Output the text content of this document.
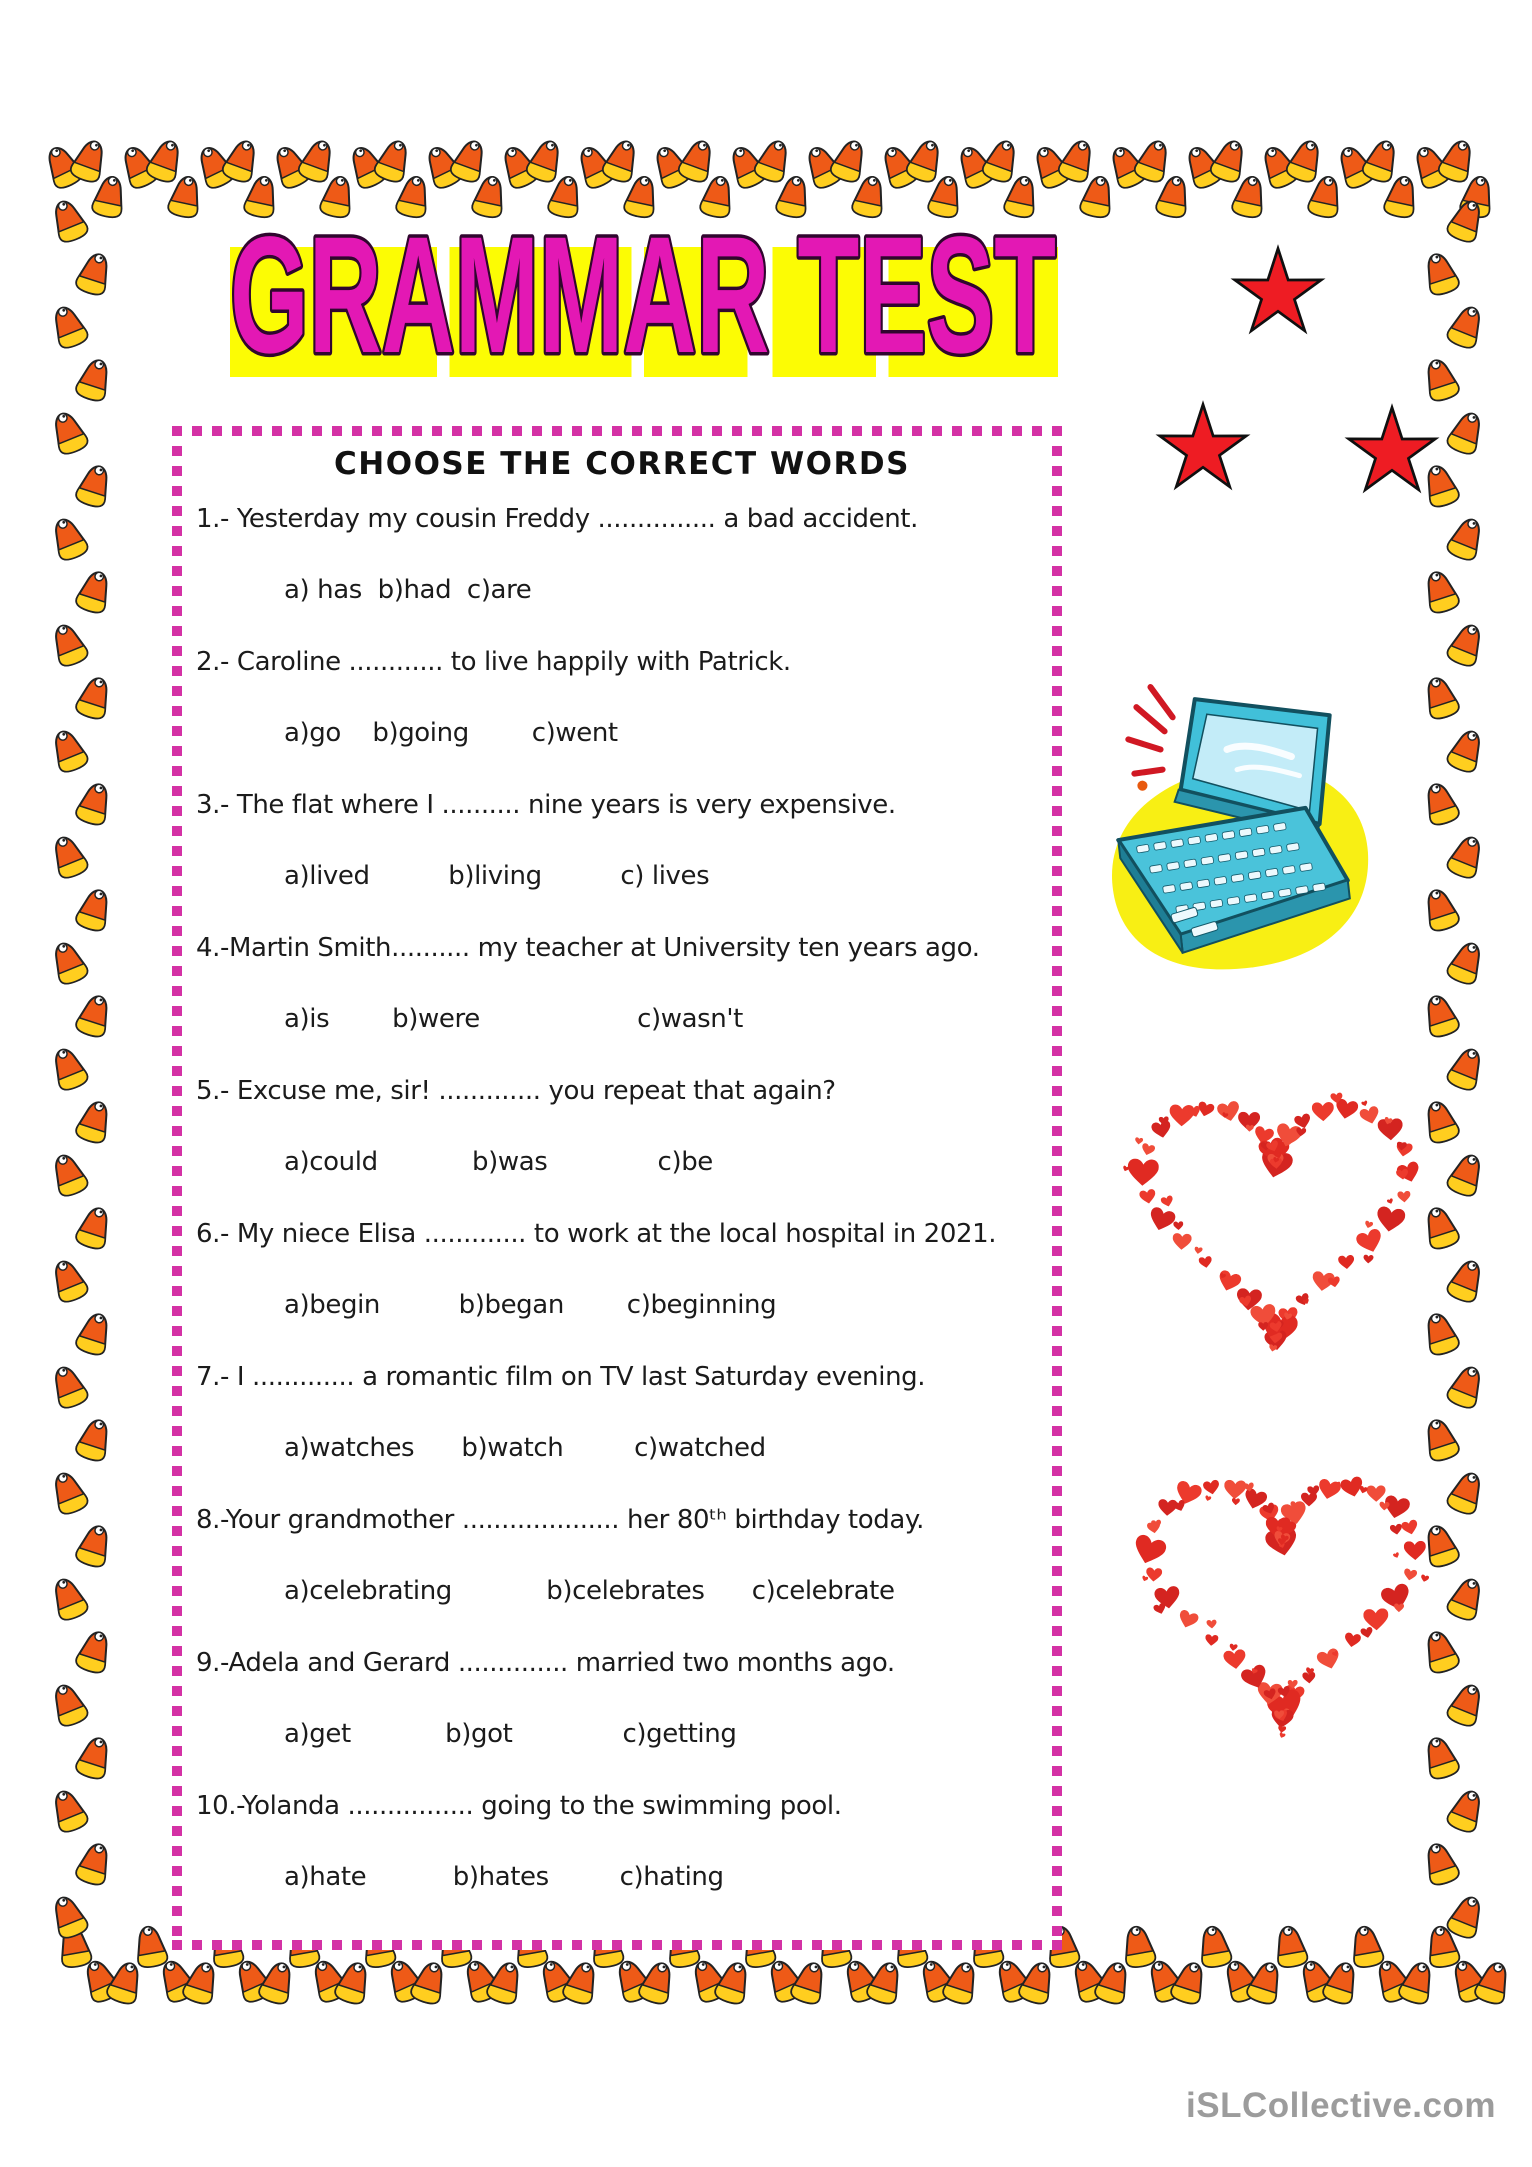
GRAMMAR TEST
CHOOSE THE CORRECT WORDS
1.- Yesterday my cousin Freddy ............... a bad accident.
a) has  b)had  c)are
2.- Caroline ............ to live happily with Patrick.
a)go    b)going        c)went
3.- The flat where I .......... nine years is very expensive.
a)lived          b)living          c) lives
4.-Martin Smith.......... my teacher at University ten years ago.
a)is        b)were                    c)wasn't
5.- Excuse me, sir! ............. you repeat that again?
a)could            b)was              c)be
6.- My niece Elisa ............. to work at the local hospital in 2021.
a)begin          b)began        c)beginning
7.- I ............. a romantic film on TV last Saturday evening.
a)watches      b)watch         c)watched
8.-Your grandmother .................... her 80ᵗʰ birthday today.
a)celebrating            b)celebrates      c)celebrate
9.-Adela and Gerard .............. married two months ago.
a)get            b)got              c)getting
10.-Yolanda ................ going to the swimming pool.
a)hate           b)hates         c)hating
iSLCollective.com
